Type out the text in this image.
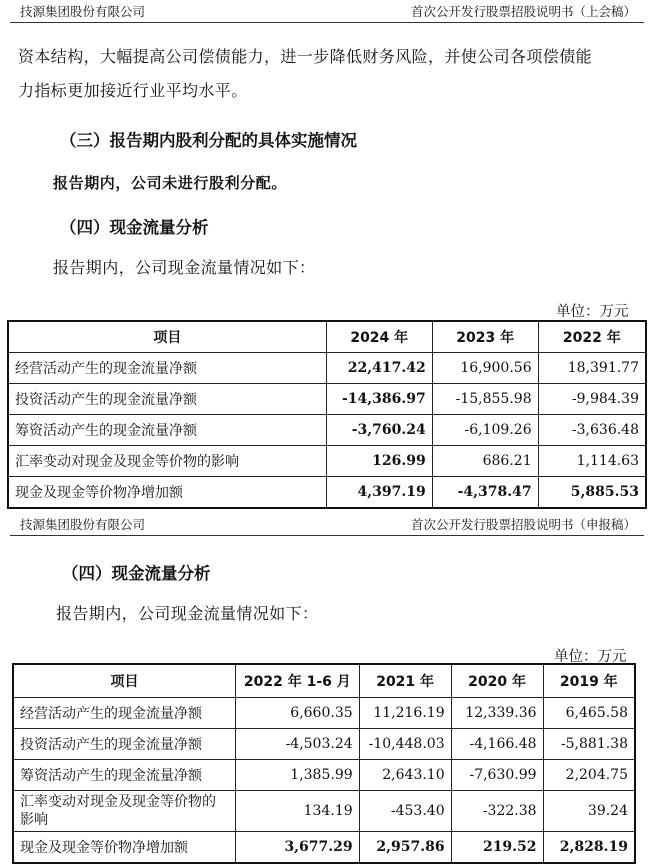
技源集团股份有限公司	首次公开发行股票招股说明书（上会稿）
资本结构，大幅提高公司偿债能力，进一步降低财务风险，并使公司各项偿债能
力指标更加接近行业平均水平。
（三）报告期内股利分配的具体实施情况
报告期内，公司未进行股利分配。
（四）现金流量分析
报告期内，公司现金流量情况如下：
单位：万元
项目	2024 年	2023 年	2022 年
经营活动产生的现金流量净额	22,417.42	16,900.56	18,391.77
投资活动产生的现金流量净额	-14,386.97	-15,855.98	-9,984.39
筹资活动产生的现金流量净额	-3,760.24	-6,109.26	-3,636.48
汇率变动对现金及现金等价物的影响	126.99	686.21	1,114.63
现金及现金等价物净增加额	4,397.19	-4,378.47	5,885.53
技源集团股份有限公司	首次公开发行股票招股说明书（申报稿）
（四）现金流量分析
报告期内，公司现金流量情况如下：
单位：万元
项目	2022 年 1-6 月	2021 年	2020 年	2019 年
经营活动产生的现金流量净额	6,660.35	11,216.19	12,339.36	6,465.58
投资活动产生的现金流量净额	-4,503.24	-10,448.03	-4,166.48	-5,881.38
筹资活动产生的现金流量净额	1,385.99	2,643.10	-7,630.99	2,204.75
汇率变动对现金及现金等价物的影响	134.19	-453.40	-322.38	39.24
现金及现金等价物净增加额	3,677.29	2,957.86	219.52	2,828.19
